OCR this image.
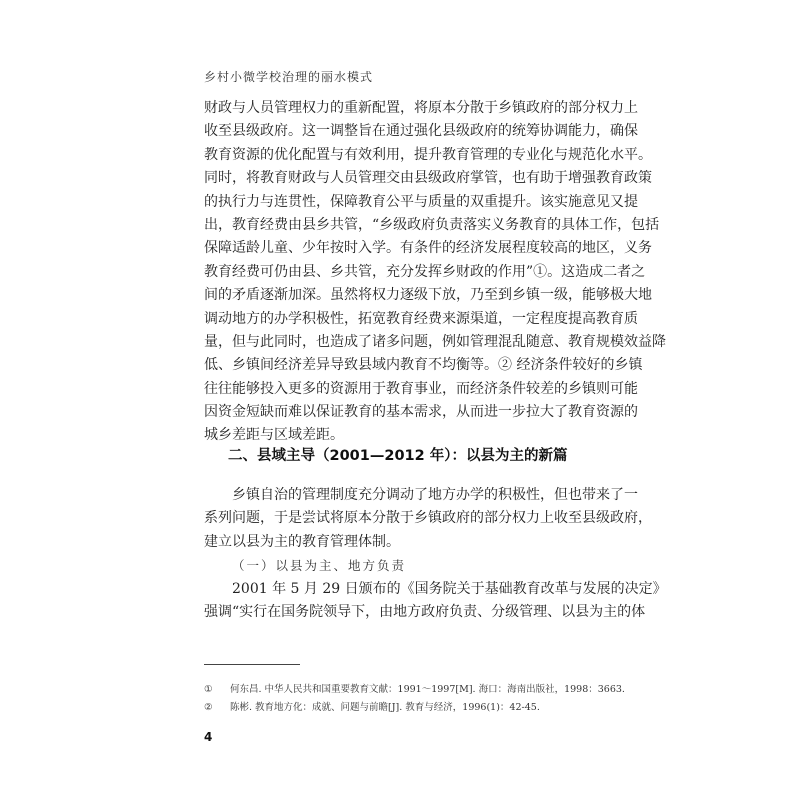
乡村小微学校治理的丽水模式
财政与人员管理权力的重新配置，将原本分散于乡镇政府的部分权力上
收至县级政府。这一调整旨在通过强化县级政府的统筹协调能力，确保
教育资源的优化配置与有效利用，提升教育管理的专业化与规范化水平。
同时，将教育财政与人员管理交由县级政府掌管，也有助于增强教育政策
的执行力与连贯性，保障教育公平与质量的双重提升。该实施意见又提
出，教育经费由县乡共管，“乡级政府负责落实义务教育的具体工作，包括
保障适龄儿童、少年按时入学。有条件的经济发展程度较高的地区，义务
教育经费可仍由县、乡共管，充分发挥乡财政的作用”①。这造成二者之
间的矛盾逐渐加深。虽然将权力逐级下放，乃至到乡镇一级，能够极大地
调动地方的办学积极性，拓宽教育经费来源渠道，一定程度提高教育质
量，但与此同时，也造成了诸多问题，例如管理混乱随意、教育规模效益降
低、乡镇间经济差异导致县域内教育不均衡等。② 经济条件较好的乡镇
往往能够投入更多的资源用于教育事业，而经济条件较差的乡镇则可能
因资金短缺而难以保证教育的基本需求，从而进一步拉大了教育资源的
城乡差距与区域差距。
二、县域主导（2001—2012 年）：以县为主的新篇
乡镇自治的管理制度充分调动了地方办学的积极性，但也带来了一
系列问题，于是尝试将原本分散于乡镇政府的部分权力上收至县级政府，
建立以县为主的教育管理体制。
（一）以县为主、地方负责
2001 年 5 月 29 日颁布的《国务院关于基础教育改革与发展的决定》
强调“实行在国务院领导下，由地方政府负责、分级管理、以县为主的体
① 何东昌. 中华人民共和国重要教育文献：1991～1997[M]. 海口：海南出版社，1998：3663.
② 陈彬. 教育地方化：成就、问题与前瞻[J]. 教育与经济，1996(1)：42-45.
4
